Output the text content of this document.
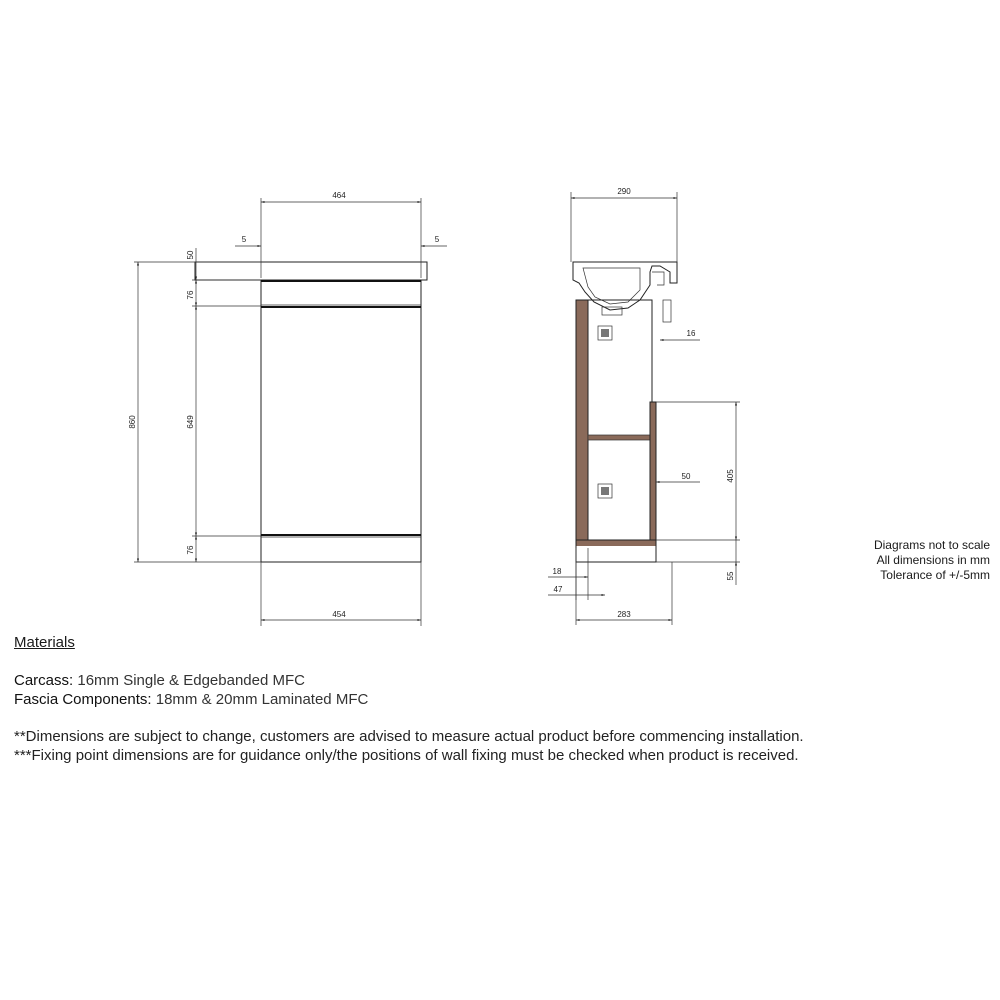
860
50
76
649
76
464
5	5
454
290
16
405
50
55
18
47
283
Diagrams not to scale
All dimensions in mm
Tolerance of +/-5mm
Materials
Carcass: 16mm Single & Edgebanded MFC
Fascia Components: 18mm & 20mm Laminated MFC
**Dimensions are subject to change, customers are advised to measure actual product before commencing installation.
***Fixing point dimensions are for guidance only/the positions of wall fixing must be checked when product is received.
